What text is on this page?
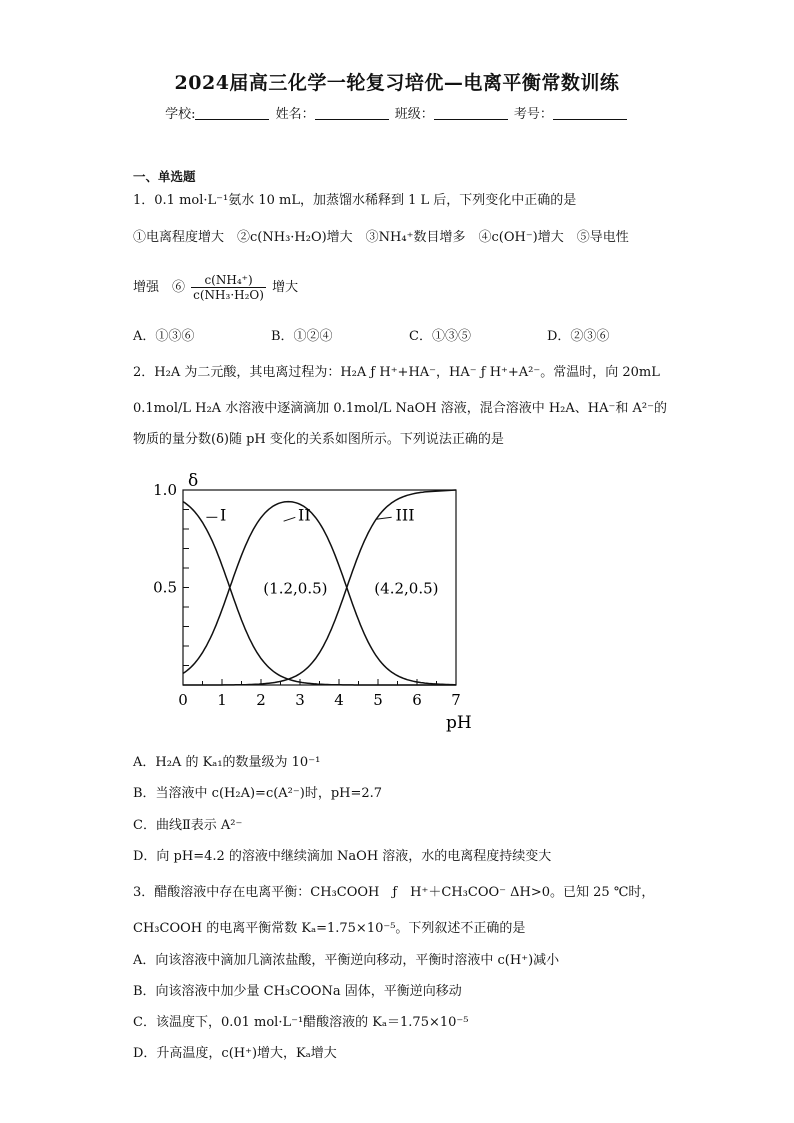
2024届高三化学一轮复习培优—电离平衡常数训练
学校:	姓名：	班级：	考号：
一、单选题
1．0.1 mol·L⁻¹氨水 10 mL，加蒸馏水稀释到 1 L 后，下列变化中正确的是
①电离程度增大　②c(NH₃·H₂O)增大　③NH₄⁺数目增多　④c(OH⁻)增大　⑤导电性
增强　⑥ $\frac{\text{c(NH₄⁺)}}{\text{c(NH₃·H₂O)}}$ 增大
A．①③⑥	B．①②④	C．①③⑤	D．②③⑥
2．H₂A 为二元酸，其电离过程为：H₂A ƒ H⁺+HA⁻，HA⁻ ƒ H⁺+A²⁻。常温时，向 20mL
0.1mol/L H₂A 水溶液中逐滴滴加 0.1mol/L NaOH 溶液，混合溶液中 H₂A、HA⁻和 A²⁻的
物质的量分数(δ)随 pH 变化的关系如图所示。下列说法正确的是
0 1 2 3 4 5 6 7
0.5
1.0 δ
pH
I	II	III
(1.2,0.5)	(4.2,0.5)
A．H₂A 的 Kₐ₁的数量级为 10⁻¹
B．当溶液中 c(H₂A)=c(A²⁻)时，pH=2.7
C．曲线Ⅱ表示 A²⁻
D．向 pH=4.2 的溶液中继续滴加 NaOH 溶液，水的电离程度持续变大
3．醋酸溶液中存在电离平衡：CH₃COOH　ƒ　H⁺＋CH₃COO⁻ ΔH>0。已知 25 ℃时，
CH₃COOH 的电离平衡常数 Kₐ=1.75×10⁻⁵。下列叙述不正确的是
A．向该溶液中滴加几滴浓盐酸，平衡逆向移动，平衡时溶液中 c(H⁺)减小
B．向该溶液中加少量 CH₃COONa 固体，平衡逆向移动
C．该温度下，0.01 mol·L⁻¹醋酸溶液的 Kₐ＝1.75×10⁻⁵
D．升高温度，c(H⁺)增大，Kₐ增大
